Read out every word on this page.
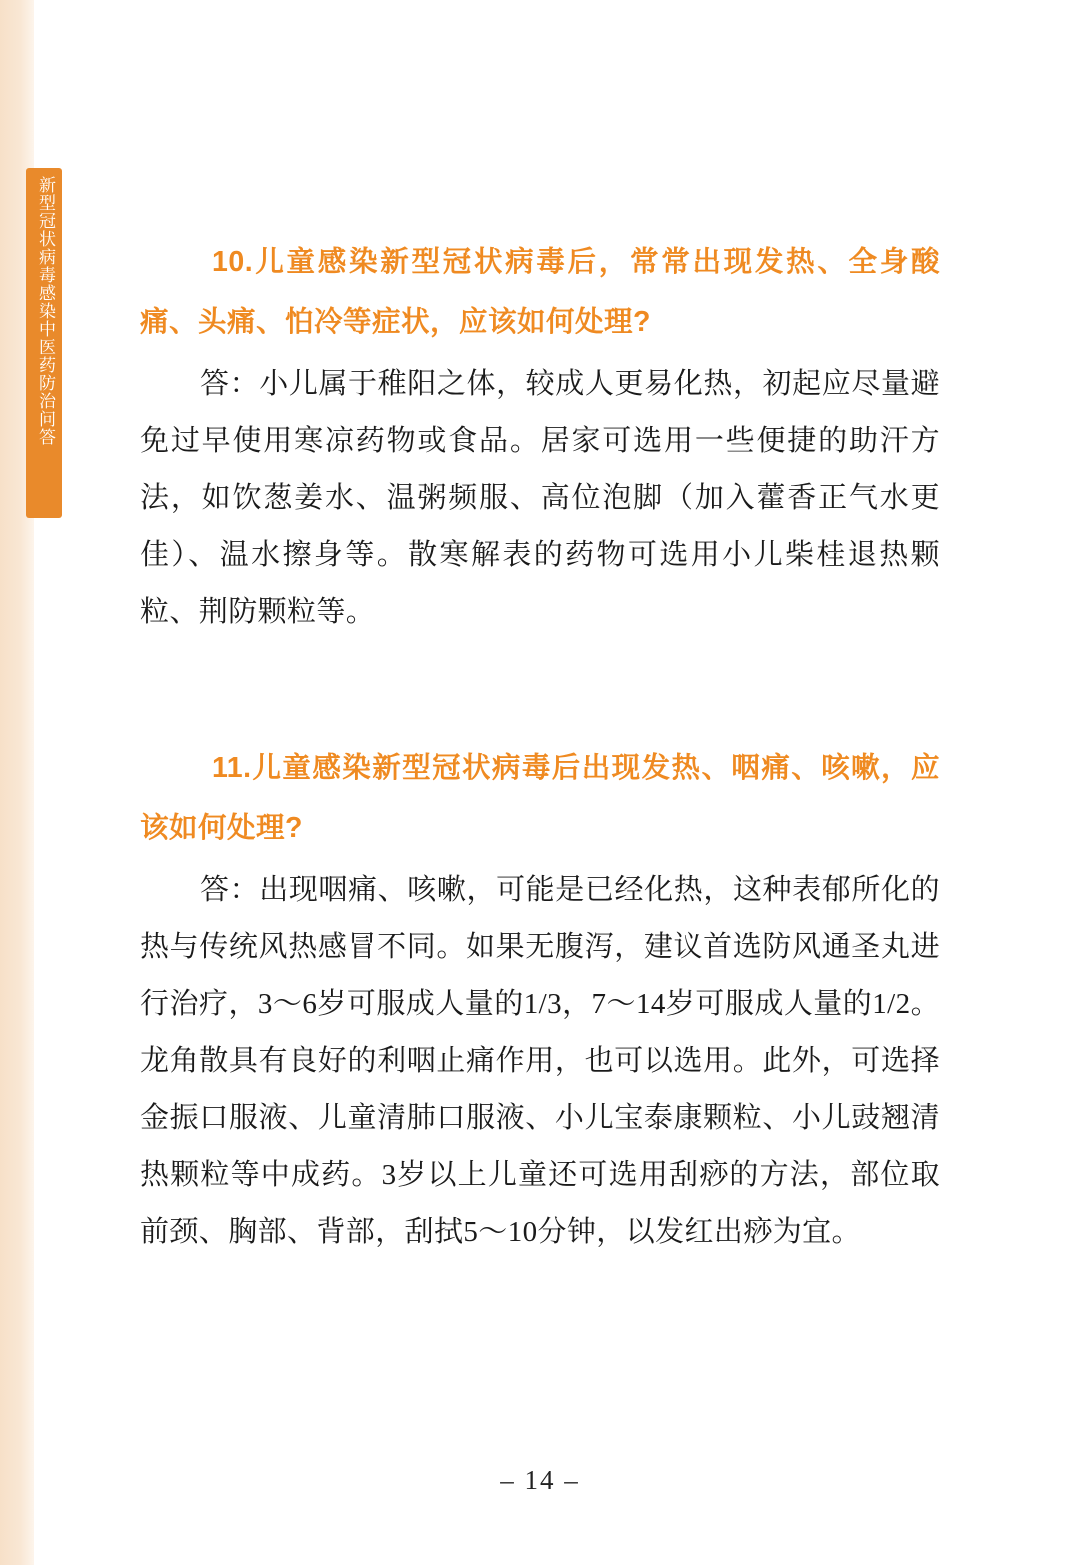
新型冠状病毒感染中医药防治问答	10.儿童感染新型冠状病毒后，常常出现发热、全身酸痛、头痛、怕冷等症状，应该如何处理?

答：小儿属于稚阳之体，较成人更易化热，初起应尽量避免过早使用寒凉药物或食品。居家可选用一些便捷的助汗方法，如饮葱姜水、温粥频服、高位泡脚（加入藿香正气水更佳）、温水擦身等。散寒解表的药物可选用小儿柴桂退热颗粒、荆防颗粒等。

11.儿童感染新型冠状病毒后出现发热、咽痛、咳嗽，应该如何处理?

答：出现咽痛、咳嗽，可能是已经化热，这种表郁所化的热与传统风热感冒不同。如果无腹泻，建议首选防风通圣丸进行治疗，3～6岁可服成人量的1/3，7～14岁可服成人量的1/2。龙角散具有良好的利咽止痛作用，也可以选用。此外，可选择金振口服液、儿童清肺口服液、小儿宝泰康颗粒、小儿豉翘清热颗粒等中成药。3岁以上儿童还可选用刮痧的方法，部位取前颈、胸部、背部，刮拭5～10分钟，以发红出痧为宜。

– 14 –
